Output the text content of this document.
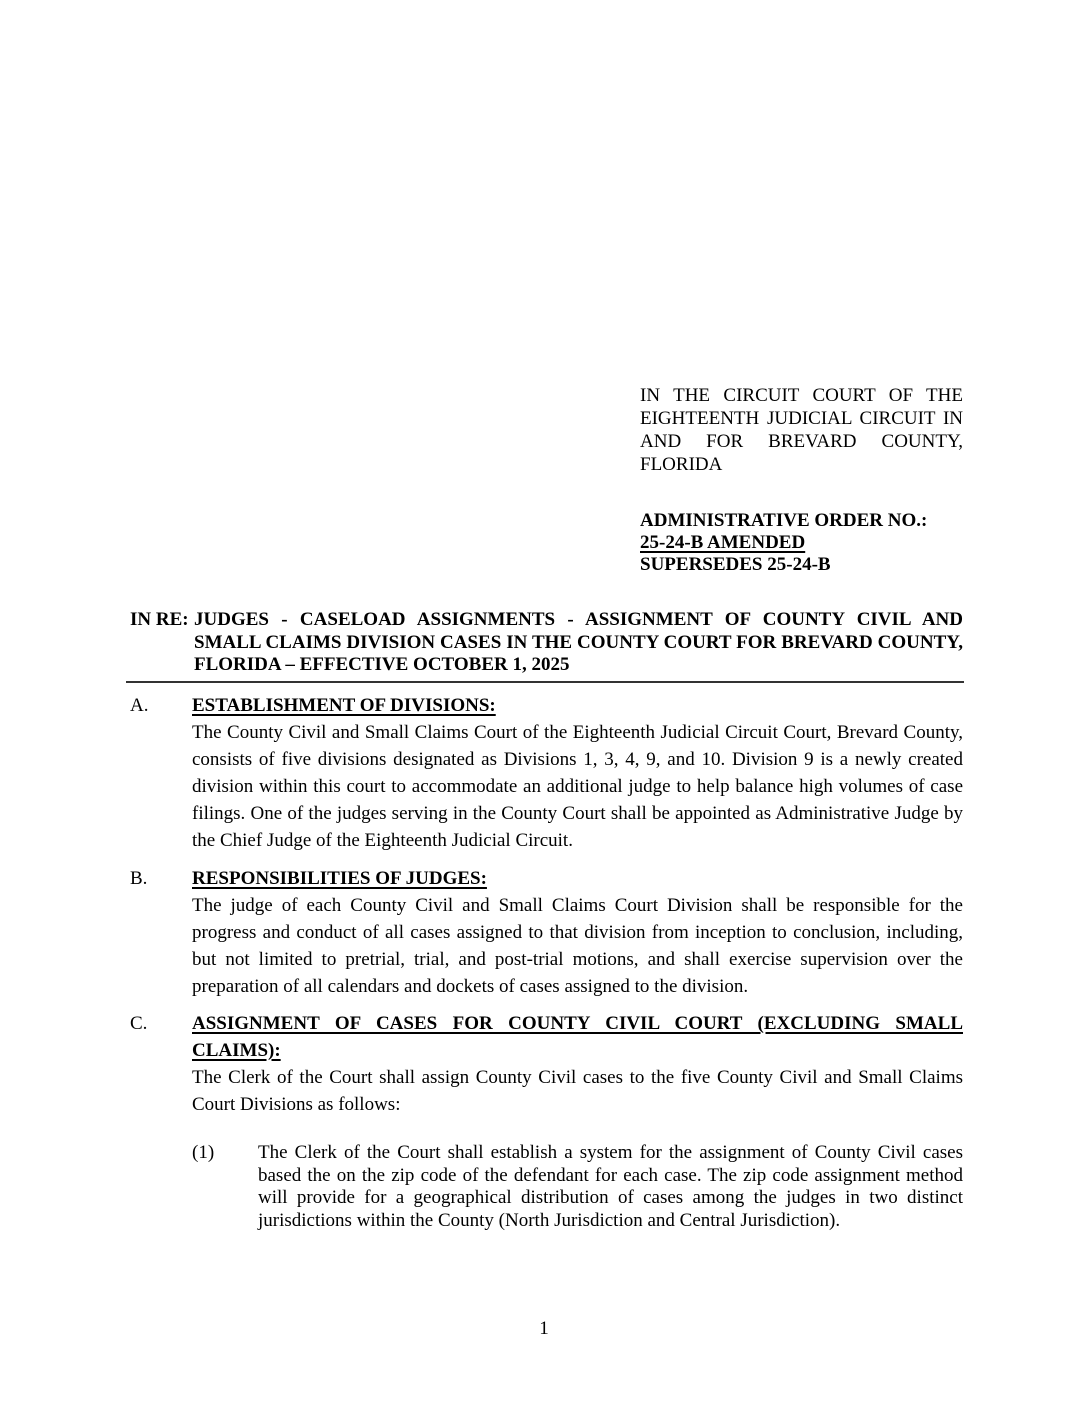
IN THE CIRCUIT COURT OF THE EIGHTEENTH JUDICIAL CIRCUIT IN AND FOR BREVARD COUNTY, FLORIDA
ADMINISTRATIVE ORDER NO.:
25-24-B AMENDED
SUPERSEDES 25-24-B
IN RE: JUDGES - CASELOAD ASSIGNMENTS - ASSIGNMENT OF COUNTY CIVIL AND SMALL CLAIMS DIVISION CASES IN THE COUNTY COURT FOR BREVARD COUNTY, FLORIDA – EFFECTIVE OCTOBER 1, 2025
A.	ESTABLISHMENT OF DIVISIONS:
The County Civil and Small Claims Court of the Eighteenth Judicial Circuit Court, Brevard County, consists of five divisions designated as Divisions 1, 3, 4, 9, and 10. Division 9 is a newly created division within this court to accommodate an additional judge to help balance high volumes of case filings. One of the judges serving in the County Court shall be appointed as Administrative Judge by the Chief Judge of the Eighteenth Judicial Circuit.
B.	RESPONSIBILITIES OF JUDGES:
The judge of each County Civil and Small Claims Court Division shall be responsible for the progress and conduct of all cases assigned to that division from inception to conclusion, including, but not limited to pretrial, trial, and post-trial motions, and shall exercise supervision over the preparation of all calendars and dockets of cases assigned to the division.
C.	ASSIGNMENT OF CASES FOR COUNTY CIVIL COURT (EXCLUDING SMALL CLAIMS):
The Clerk of the Court shall assign County Civil cases to the five County Civil and Small Claims Court Divisions as follows:
(1)	The Clerk of the Court shall establish a system for the assignment of County Civil cases based the on the zip code of the defendant for each case. The zip code assignment method will provide for a geographical distribution of cases among the judges in two distinct jurisdictions within the County (North Jurisdiction and Central Jurisdiction).
1
